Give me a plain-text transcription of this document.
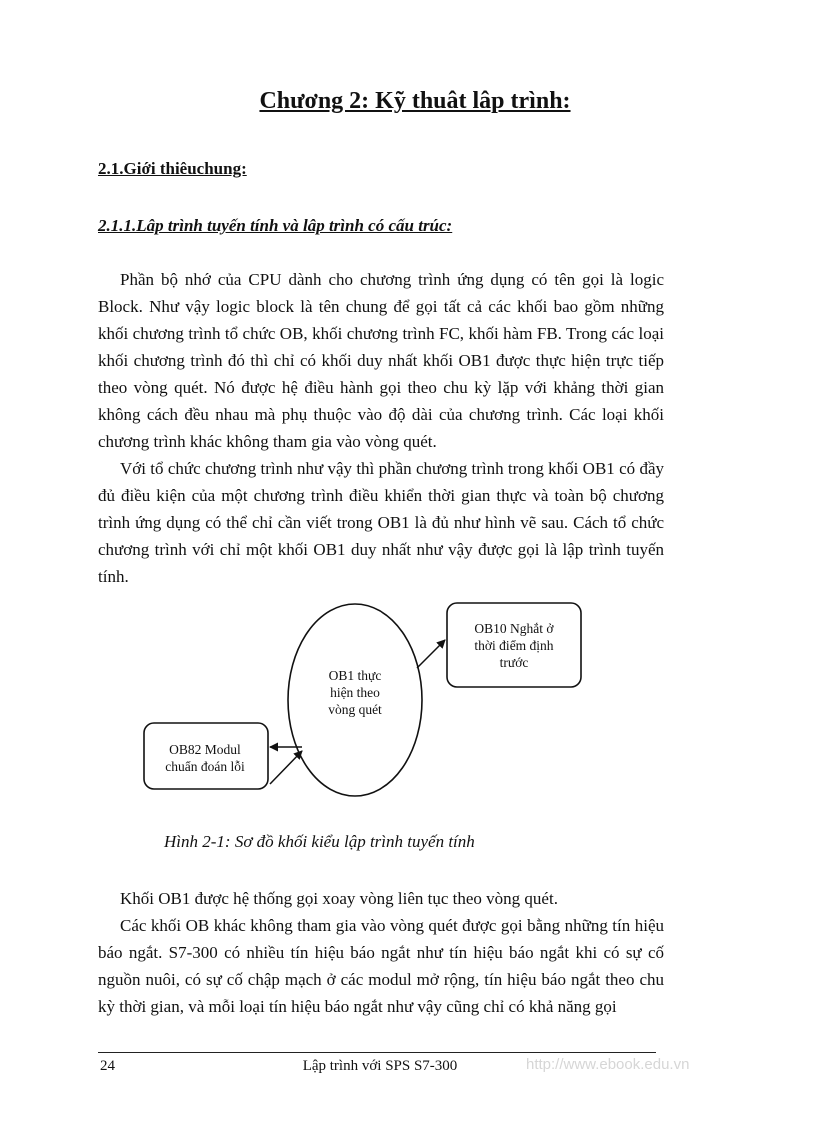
Chương 2: Kỹ thuât lâp trình:
2.1.Giới thiêuchung:
2.1.1.Lâp trình tuyến tính và lâp trình có cấu trúc:

Phần bộ nhớ của CPU dành cho chương trình ứng dụng có tên gọi là logic Block. Như vậy logic block là tên chung để gọi tất cả các khối bao gồm những khối chương trình tổ chức OB, khối chương trình FC, khối hàm FB. Trong các loại khối chương trình đó thì chỉ có khối duy nhất khối OB1 được thực hiện trực tiếp theo vòng quét. Nó được hệ điều hành gọi theo chu kỳ lặp với khảng thời gian không cách đều nhau mà phụ thuộc vào độ dài của chương trình. Các loại khối chương trình khác không tham gia vào vòng quét.

Với tổ chức chương trình như vậy thì phần chương trình trong khối OB1 có đầy đủ điều kiện của một chương trình điều khiển thời gian thực và toàn bộ chương trình ứng dụng có thể chỉ cần viết trong OB1 là đủ như hình vẽ sau. Cách tổ chức chương trình với chỉ một khối OB1 duy nhất như vậy được gọi là lập trình tuyến tính.

OB1 thực
hiện theo
vòng quét
OB10 Nghắt ở
thời điểm định
trước
OB82 Modul
chuẩn đoán lỗi
Hình 2-1: Sơ đồ khối kiểu lập trình tuyến tính

Khối OB1 được hệ thống gọi xoay vòng liên tục theo vòng quét.

Các khối OB khác không tham gia vào vòng quét được gọi bằng những tín hiệu báo ngắt. S7-300 có nhiều tín hiệu báo ngắt như tín hiệu báo ngắt khi có sự cố nguồn nuôi, có sự cố chập mạch ở các modul mở rộng, tín hiệu báo ngắt theo chu kỳ thời gian, và mỗi loại tín hiệu báo ngắt như vậy cũng chỉ có khả năng gọi

24	Lập trình với SPS S7-300	http://www.ebook.edu.vn
